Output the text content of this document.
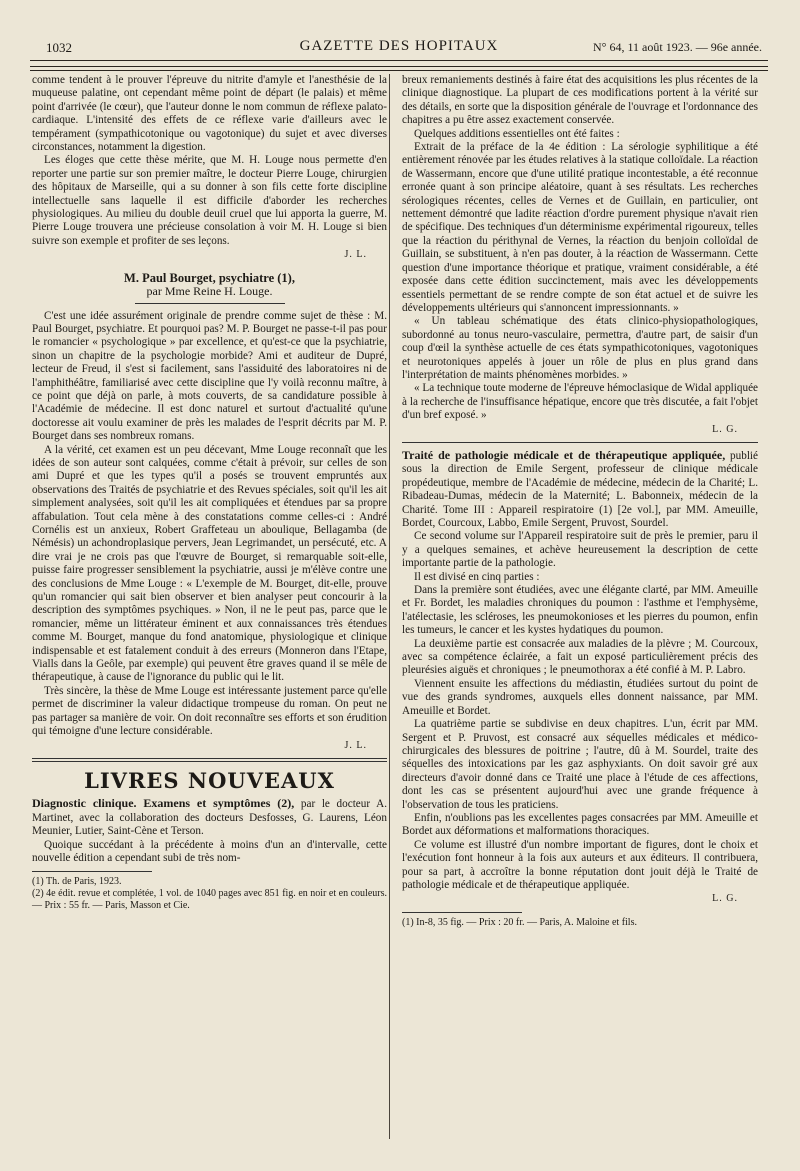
1032	GAZETTE DES HOPITAUX	N° 64, 11 août 1923. — 96e année.

comme tendent à le prouver l'épreuve du nitrite d'amyle et l'anesthésie de la muqueuse palatine, ont cependant même point de départ (le palais) et même point d'arrivée (le cœur), que l'auteur donne le nom commun de réflexe palato-cardiaque. L'intensité des effets de ce réflexe varie d'ailleurs avec le tempérament (sympathicotonique ou vagotonique) du sujet et avec diverses circonstances, notamment la digestion.

Les éloges que cette thèse mérite, que M. H. Louge nous permette d'en reporter une partie sur son premier maître, le docteur Pierre Louge, chirurgien des hôpitaux de Marseille, qui a su donner à son fils cette forte discipline intellectuelle sans laquelle il est difficile d'aborder les recherches physiologiques. Au milieu du double deuil cruel que lui apporta la guerre, M. Pierre Louge trouvera une précieuse consolation à voir M. H. Louge si bien suivre son exemple et profiter de ses leçons.

J. L.
M. Paul Bourget, psychiatre (1),
par Mme Reine H. Louge.

C'est une idée assurément originale de prendre comme sujet de thèse : M. Paul Bourget, psychiatre. Et pourquoi pas? M. P. Bourget ne passe-t-il pas pour le romancier « psychologique » par excellence, et qu'est-ce que la psychiatrie, sinon un chapitre de la psychologie morbide? Ami et auditeur de Dupré, lecteur de Freud, il s'est si facilement, sans l'assiduité des laboratoires ni de l'amphithéâtre, familiarisé avec cette discipline que l'y voilà reconnu maître, à ce point que déjà on parle, à mots couverts, de sa candidature possible à l'Académie de médecine. Il est donc naturel et surtout d'actualité qu'une doctoresse ait voulu examiner de près les malades de l'esprit décrits par M. P. Bourget dans ses nombreux romans.

A la vérité, cet examen est un peu décevant, Mme Louge reconnaît que les idées de son auteur sont calquées, comme c'était à prévoir, sur celles de son ami Dupré et que les types qu'il a posés se trouvent empruntés aux observations des Traités de psychiatrie et des Revues spéciales, soit qu'il les ait simplement analysées, soit qu'il les ait compliquées et étendues par sa propre affabulation. Tout cela mène à des constatations comme celles-ci : André Cornélis est un anxieux, Robert Graffeteau un aboulique, Bellagamba (de Némésis) un achondroplasique pervers, Jean Legrimandet, un persécuté, etc. A dire vrai je ne crois pas que l'œuvre de Bourget, si remarquable soit-elle, puisse faire progresser sensiblement la psychiatrie, aussi je m'élève contre une des conclusions de Mme Louge : « L'exemple de M. Bourget, dit-elle, prouve qu'un romancier qui sait bien observer et bien analyser peut concourir à la description des symptômes psychiques. » Non, il ne le peut pas, parce que le romancier, même un littérateur éminent et aux connaissances très étendues comme M. Bourget, manque du fond anatomique, physiologique et clinique indispensable et est fatalement conduit à des erreurs (Monneron dans l'Etape, Vialls dans la Geôle, par exemple) qui peuvent être graves quand il se mêle de thérapeutique, à cause de l'ignorance du public qui le lit.

Très sincère, la thèse de Mme Louge est intéressante justement parce qu'elle permet de discriminer la valeur didactique trompeuse du roman. On peut ne pas partager sa manière de voir. On doit reconnaître ses efforts et son érudition qui témoigne d'une lecture considérable.

J. L.
LIVRES NOUVEAUX

Diagnostic clinique. Examens et symptômes (2), par le docteur A. Martinet, avec la collaboration des docteurs Desfosses, G. Laurens, Léon Meunier, Lutier, Saint-Cène et Terson.

Quoique succédant à la précédente à moins d'un an d'intervalle, cette nouvelle édition a cependant subi de très nom-

(1) Th. de Paris, 1923.
(2) 4e édit. revue et complétée, 1 vol. de 1040 pages avec 851 fig. en noir et en couleurs. — Prix : 55 fr. — Paris, Masson et Cie.

breux remaniements destinés à faire état des acquisitions les plus récentes de la clinique diagnostique. La plupart de ces modifications portent à la vérité sur des détails, en sorte que la disposition générale de l'ouvrage et l'ordonnance des chapitres a pu être assez exactement conservée.

Quelques additions essentielles ont été faites :

Extrait de la préface de la 4e édition : La sérologie syphilitique a été entièrement rénovée par les études relatives à la statique colloïdale. La réaction de Wassermann, encore que d'une utilité pratique incontestable, a été reconnue erronée quant à son principe aléatoire, quant à ses résultats. Les recherches sérologiques récentes, celles de Vernes et de Guillain, en particulier, ont nettement démontré que ladite réaction d'ordre purement physique n'avait rien de spécifique. Des techniques d'un déterminisme expérimental rigoureux, telles que la réaction du périthynal de Vernes, la réaction du benjoin colloïdal de Guillain, se substituent, à n'en pas douter, à la réaction de Wassermann. Cette question d'une importance théorique et pratique, vraiment considérable, a été exposée dans cette édition succinctement, mais avec les développements essentiels permettant de se rendre compte de son état actuel et de suivre les développements ultérieurs qui s'annoncent impressionnants. »

« Un tableau schématique des états clinico-physiopathologiques, subordonné au tonus neuro-vasculaire, permettra, d'autre part, de saisir d'un coup d'œil la synthèse actuelle de ces états sympathicotoniques, vagotoniques et neurotoniques appelés à jouer un rôle de plus en plus grand dans l'interprétation de maints phénomènes morbides. »

« La technique toute moderne de l'épreuve hémoclasique de Widal appliquée à la recherche de l'insuffisance hépatique, encore que très discutée, a fait l'objet d'un bref exposé. »

L. G.

Traité de pathologie médicale et de thérapeutique appliquée, publié sous la direction de Emile Sergent, professeur de clinique médicale propédeutique, membre de l'Académie de médecine, médecin de la Charité; L. Ribadeau-Dumas, médecin de la Maternité; L. Babonneix, médecin de la Charité. Tome III : Appareil respiratoire (1) [2e vol.], par MM. Ameuille, Bordet, Courcoux, Labbo, Emile Sergent, Pruvost, Sourdel.

Ce second volume sur l'Appareil respiratoire suit de près le premier, paru il y a quelques semaines, et achève heureusement la description de cette importante partie de la pathologie.

Il est divisé en cinq parties :

Dans la première sont étudiées, avec une élégante clarté, par MM. Ameuille et Fr. Bordet, les maladies chroniques du poumon : l'asthme et l'emphysème, l'atélectasie, les scléroses, les pneumokonioses et les pierres du poumon, enfin les tumeurs, le cancer et les kystes hydatiques du poumon.

La deuxième partie est consacrée aux maladies de la plèvre ; M. Courcoux, avec sa compétence éclairée, a fait un exposé particulièrement précis des pleurésies aiguës et chroniques ; le pneumothorax a été confié à M. P. Labro.

Viennent ensuite les affections du médiastin, étudiées surtout du point de vue des grands syndromes, auxquels elles donnent naissance, par MM. Ameuille et Bordet.

La quatrième partie se subdivise en deux chapitres. L'un, écrit par MM. Sergent et P. Pruvost, est consacré aux séquelles médicales et médico-chirurgicales des blessures de poitrine ; l'autre, dû à M. Sourdel, traite des séquelles des intoxications par les gaz asphyxiants. On doit savoir gré aux directeurs d'avoir donné dans ce Traité une place à l'étude de ces affections, dont les cas se présentent aujourd'hui avec une grande fréquence à l'observation de tous les praticiens.

Enfin, n'oublions pas les excellentes pages consacrées par MM. Ameuille et Bordet aux déformations et malformations thoraciques.

Ce volume est illustré d'un nombre important de figures, dont le choix et l'exécution font honneur à la fois aux auteurs et aux éditeurs. Il contribuera, pour sa part, à accroître la bonne réputation dont jouit déjà le Traité de pathologie médicale et de thérapeutique appliquée.

L. G.
(1) In-8, 35 fig. — Prix : 20 fr. — Paris, A. Maloine et fils.
